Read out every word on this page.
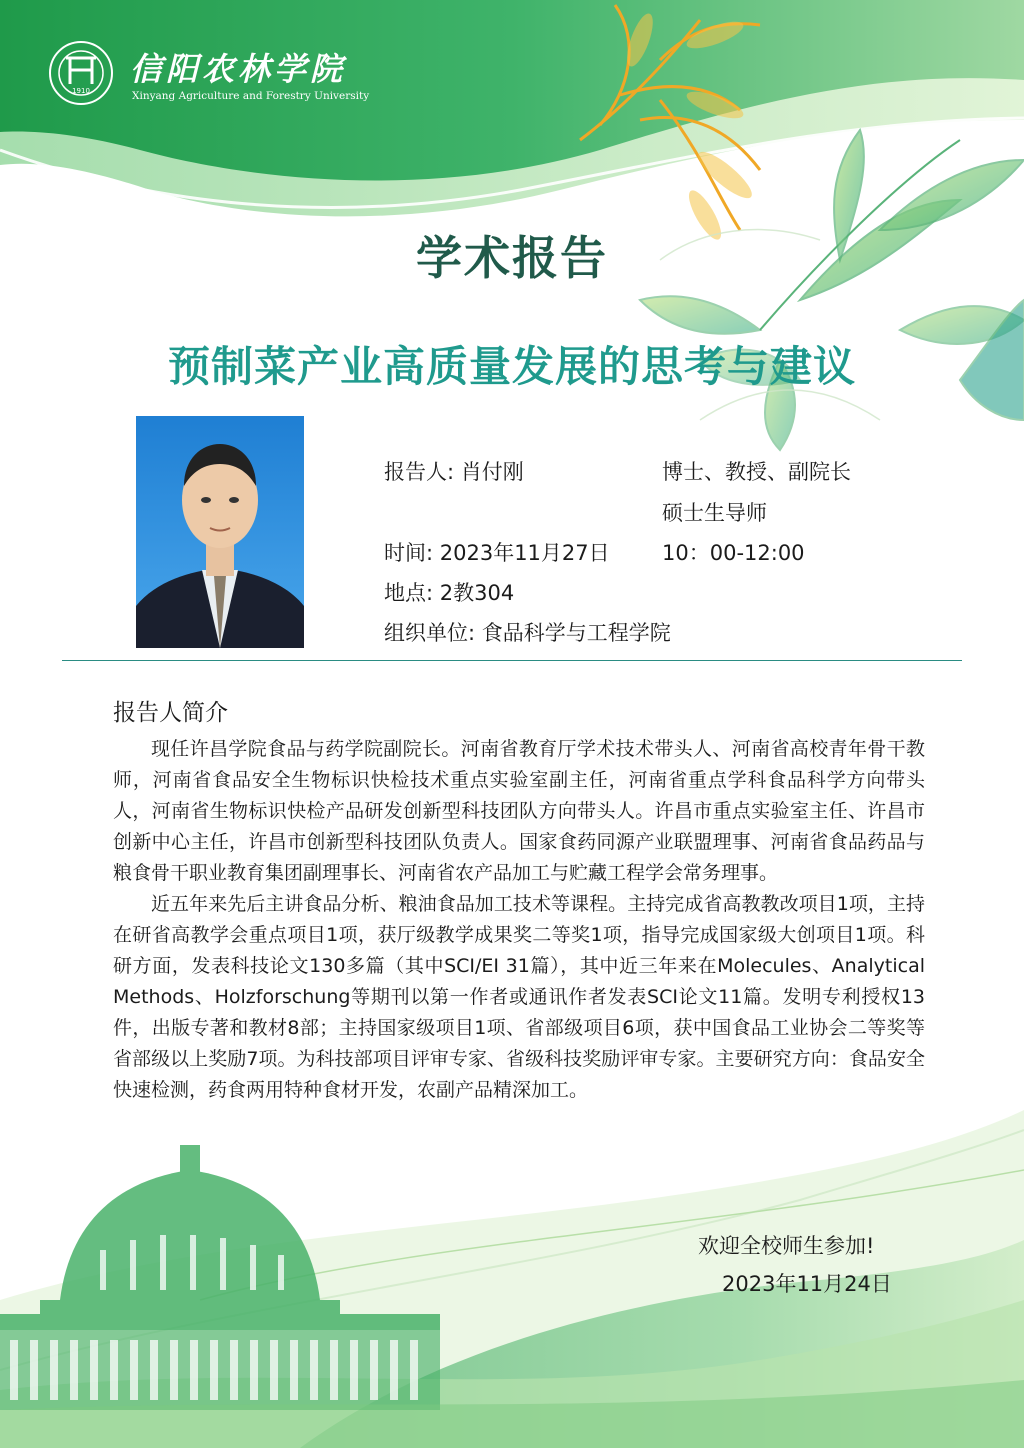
1910
信阳农林学院
Xinyang Agriculture and Forestry University
学术报告
预制菜产业高质量发展的思考与建议
报告人: 肖付刚	博士、教授、副院长
硕士生导师
时间: 2023年11月27日 10：00-12:00
地点: 2教304
组织单位: 食品科学与工程学院
报告人简介

现任许昌学院食品与药学院副院长。河南省教育厅学术技术带头人、河南省高校青年骨干教师，河南省食品安全生物标识快检技术重点实验室副主任，河南省重点学科食品科学方向带头人，河南省生物标识快检产品研发创新型科技团队方向带头人。许昌市重点实验室主任、许昌市创新中心主任，许昌市创新型科技团队负责人。国家食药同源产业联盟理事、河南省食品药品与粮食骨干职业教育集团副理事长、河南省农产品加工与贮藏工程学会常务理事。

近五年来先后主讲食品分析、粮油食品加工技术等课程。主持完成省高教教改项目1项，主持在研省高教学会重点项目1项，获厅级教学成果奖二等奖1项，指导完成国家级大创项目1项。科研方面，发表科技论文130多篇（其中SCI/EI 31篇），其中近三年来在Molecules、Analytical Methods、Holzforschung等期刊以第一作者或通讯作者发表SCI论文11篇。发明专利授权13件，出版专著和教材8部；主持国家级项目1项、省部级项目6项，获中国食品工业协会二等奖等省部级以上奖励7项。为科技部项目评审专家、省级科技奖励评审专家。主要研究方向：食品安全快速检测，药食两用特种食材开发，农副产品精深加工。

欢迎全校师生参加!
2023年11月24日
